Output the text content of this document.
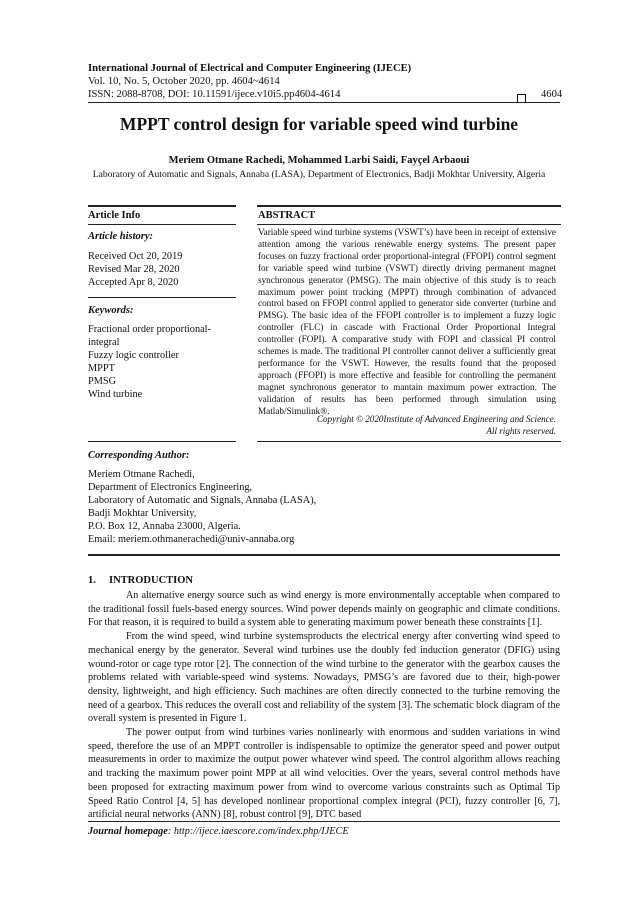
International Journal of Electrical and Computer Engineering (IJECE)
Vol. 10, No. 5, October 2020, pp. 4604~4614
ISSN: 2088-8708, DOI: 10.11591/ijece.v10i5.pp4604-4614	4604
MPPT control design for variable speed wind turbine
Meriem Otmane Rachedi, Mohammed Larbi Saidi, Fayçel Arbaoui
Laboratory of Automatic and Signals, Annaba (LASA), Department of Electronics, Badji Mokhtar University, Algeria
Article Info	ABSTRACT
Article history:
Received Oct 20, 2019
Revised Mar 28, 2020
Accepted Apr 8, 2020
Keywords:
Fractional order proportional-
integral
Fuzzy logic controller
MPPT
PMSG
Wind turbine
Variable speed wind turbine systems (VSWT’s) have been in receipt of extensive attention among the various renewable energy systems. The present paper focuses on fuzzy fractional order proportional-integral (FFOPI) control segment for variable speed wind turbine (VSWT) directly driving permanent magnet synchronous generator (PMSG). The main objective of this study is to reach maximum power point tracking (MPPT) through combination of advanced control based on FFOPI control applied to generator side converter (turbine and PMSG). The basic idea of the FFOPI controller is to implement a fuzzy logic controller (FLC) in cascade with Fractional Order Proportional Integral controller (FOPI). A comparative study with FOPI and classical PI control schemes is made. The traditional PI controller cannot deliver a sufficiently great performance for the VSWT. However, the results found that the proposed approach (FFOPI) is more effective and feasible for controlling the permanent magnet synchronous generator to mantain maximum power extraction. The validation of results has been performed through simulation using Matlab/Simulink®.
Copyright © 2020Institute of Advanced Engineering and Science.
All rights reserved.
Corresponding Author:
Meriem Otmane Rachedi,
Department of Electronics Engineering,
Laboratory of Automatic and Signals, Annaba (LASA),
Badji Mokhtar University,
P.O. Box 12, Annaba 23000, Algeria.
Email: meriem.othmanerachedi@univ-annaba.org
1.     INTRODUCTION

An alternative energy source such as wind energy is more environmentally acceptable when compared to the traditional fossil fuels-based energy sources. Wind power depends mainly on geographic and climate conditions. For that reason, it is required to build a system able to generating maximum power beneath these constraints [1].

From the wind speed, wind turbine systemsproducts the electrical energy after converting wind speed to mechanical energy by the generator. Several wind turbines use the doubly fed induction generator (DFIG) using wound-rotor or cage type rotor [2]. The connection of the wind turbine to the generator with the gearbox causes the problems related with variable-speed wind systems. Nowadays, PMSG’s are favored due to their, high-power density, lightweight, and high efficiency. Such machines are often directly connected to the turbine removing the need of a gearbox. This reduces the overall cost and reliability of the system [3]. The schematic block diagram of the overall system is presented in Figure 1.

The power output from wind turbines varies nonlinearly with enormous and sudden variations in wind speed, therefore the use of an MPPT controller is indispensable to optimize the generator speed and power output measurements in order to maximize the output power whatever wind speed. The control algorithm allows reaching and tracking the maximum power point MPP at all wind velocities. Over the years, several control methods have been proposed for extracting maximum power from wind to overcome various constraints such as Optimal Tip Speed Ratio Control [4, 5] has developed nonlinear proportional complex integral (PCI), fuzzy controller [6, 7], artificial neural networks (ANN) [8], robust control [9], DTC based

Journal homepage: http://ijece.iaescore.com/index.php/IJECE
